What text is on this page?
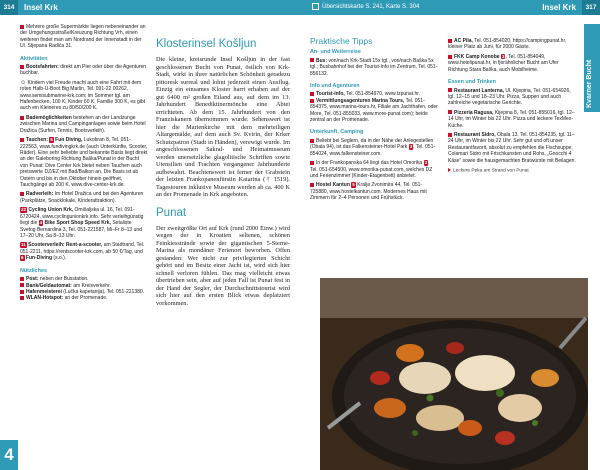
314	Insel Krk

Mehrere große Supermärkte liegen nebeneinander an der Umgehungsstraße/Kreuzung Richtung Vrh, einen weiteren findet man am Nordrand der Innenstadt in der Ul. Stjepana Radića 31.

Aktivitäten

Bootsfahrten: direkt am Pier oder über die Agenturen buchbar.

☺ Kindern viel Freude macht auch eine Fahrt mit dem roten Halb-U-Boot Big Marlin, Tel. 091-22 00262, www.semisubmarine-krk.com; im Sommer tgl. am Hafenbecken, 100 K, Kinder 60 K, Familie 300 K, es gibt auch ein Kleineres zu 80/50/200 K.

Bademöglichkeiten bestehen an der Landzunge zwischen Marina und Campinganlagen sowie beim Hotel Dražica (Surfen, Tennis, Bootsverleih).

Tauchen: 6 Fun Diving, Lukobran 8, Tel. 051-222563, www.fundivingkrk.de (auch Unterkünfte, Scooter, Räder). Eine sehr beliebte und bekannte Basis liegt direkt an der Galeboring Richtung Baška/Punat in der Bucht von Punat: Dive Center Krk bietet neben Tauchen auch preiswerte DZ/EZ mit Bad/Balkon an. Die Basis ist ab Ostern und bis in den Oktober hinein geöffnet, Tauchgänge ab 200 K, www.dive-center-krk.de.

Radverleih: Im Hotel Dražica und bei den Agenturen (Parkplätze, Snacklokale, Kinderattraktion).

22 Cycling Union Krk, Omišaljska ul. 16, Tel. 091-6720424, www.cyclingunionkrk.info. Sehr verleihgünstig liegt die 4 Bike Sport Shop Speed Krk, Setaliste Svetog Bernardina 3, Tel. 051-221587, Mi–Fr 8–13 und 17–20 Uhr, Sa 8–13 Uhr.

11 Scooterverleih: Rent-a-scooter, am Stadtrand, Tel. 051-2211, https://rentscooter-krk.com, ab 50 €/Tag, und 6 Fun-Diving (s.o.).

Nützliches

Post: neben der Busstation.

Bank/Geldautomat: am Kreisverkehr.

Hafenmeisterei (Lučka kapetanija), Tel. 051-221380.

WLAN-Hotspot: an der Promenade.

Klosterinsel Košljun

Die kleine, kreisrunde Insel Košljun in der fast geschlossenen Bucht von Punat, östlich von Krk-Stadt, wirkt in ihrer natürlichen Schönheit geradezu pittoresk surreal und lohnt jederzeit einen Ausflug. Einzig ein einsames Kloster harrt erhaben auf der gut 6400 m² großen Eiland aus, auf dem im 13. Jahrhundert Benediktinermönche eine Abtei errichteten. Ab dem 15. Jahrhundert von den Franziskanern übernommen wurde. Sehenswert ist hier die Marienkirche mit dem mehrteiligen Altargemälde, auf dem auch Sv. Kvirin, der Krker Schutzpatron (Stadt in Händen), verewigt wurde. Im angeschlossenen Sakral- und Heimatmuseum werden unersetzliche glagolitische Schriften sowie Utensilien und Trachten vergangener Jahrhunderte aufbewahrt. Beachtenswert ist ferner der Grabstein der letzten Frankopanenfürstin Katarina († 1519). Tagestouren inklusive Museum werden ab ca. 400 K an der Promenade in Krk angeboten.

Punat

Der zweitgrößte Ort auf Krk (rund 2000 Einw.) wird wegen der in Kroatien seltenen, schönen Feinkiesstrände sowie der gigantischen 5-Sterne-Marina als mondäner Ferienort beworben. Offen gestanden: Wer nicht zur privilegierten Schicht gehört und im Besitz einer Jacht ist, wird sich hier schnell verloren fühlen. Das mag vielleicht etwas übertrieben sein, aber auf jeden Fall ist Punat fest in der Hand der Segler, der Durchschnittstourist wird sich hier auf den ersten Blick etwas deplatziert vorkommen.

4
Übersichtskarte S. 241, Karte S. 304	Insel Krk	317
Kvarner Bucht
Praktische Tipps
An- und Weiterreise

Bus: von/nach Krk-Stadt 15x tgl., von/nach Baška 5x tgl.; Busbahnhof bei der Tourist-Info im Zentrum, Tel. 051-856132.

Info und Agenturen

Tourist-Info, Tel. 051-854970, www.tzpunat.hr.

Vermittlungsagenturen Marina Tours, Tel. 051-854375, www.marina-tours.hr, Filiale am Jachthafen, oder More, Tel. 051-855033, www.more-punat.com); beide zentral an der Promenade.

Unterkunft, Camping

Beliebt bei Seglern, da in der Nähe der Anlegestellen (Obala 94), ist das Falkensteiner-Hotel Park 3, Tel. 051-854024, www.falkensteiner.com.

In der Frankopanska 64 liegt das Hotel Omorika 3, Tel. 051-654500, www.omorika-punat.com, welches DZ und Ferienzimmer (Kinder-Etagenbett) anbietet.

Hostel Kantun 5 Kralja Zvonimira 44, Tel. 051-725880, www.hostelkantun.com. Modernes Haus mit Zimmern für 2–4 Personen und Frühstück.

AC Pila, Tel. 051-854020, https://campingpunat.hr, kleiner Platz ab Juni, für 2000 Gäste.

FKK Camp Konobe 3, Tel. 051-854049, www.hotelipunat.hr, in fjorähnlicher Bucht am Ufer Richtung Stara Baška, auch Mobilheime.

Essen und Trinken

Restaurant Lanterna, Ul. Kijepina, Tel. 051-654926, tgl. 12–15 und 18–23 Uhr. Pizza, Suppen und auch zahlreiche vegetarische Gerichte.

Pizzeria Ragusa, Kijepina 8, Tel. 051-855016, tgl. 12–14 Uhr, im Winter bis 22 Uhr. Pizza und leckere TexMex-Küche.

Restaurant Sidro, Obala 13, Tel. 051-854235, tgl. 11–24 Uhr, im Winter bis 22 Uhr. Sehr gut und oft unser Restaurantfavorit, absolut zu empfehlen die Fischsuppe, Colamari Sidro mit Frischkunsten und Rohs, „Gnocchi 4 Käse“ sowie die hausgemachten Bratwürste mit Beilagen.

Leckere Peka am Strand von Punat
